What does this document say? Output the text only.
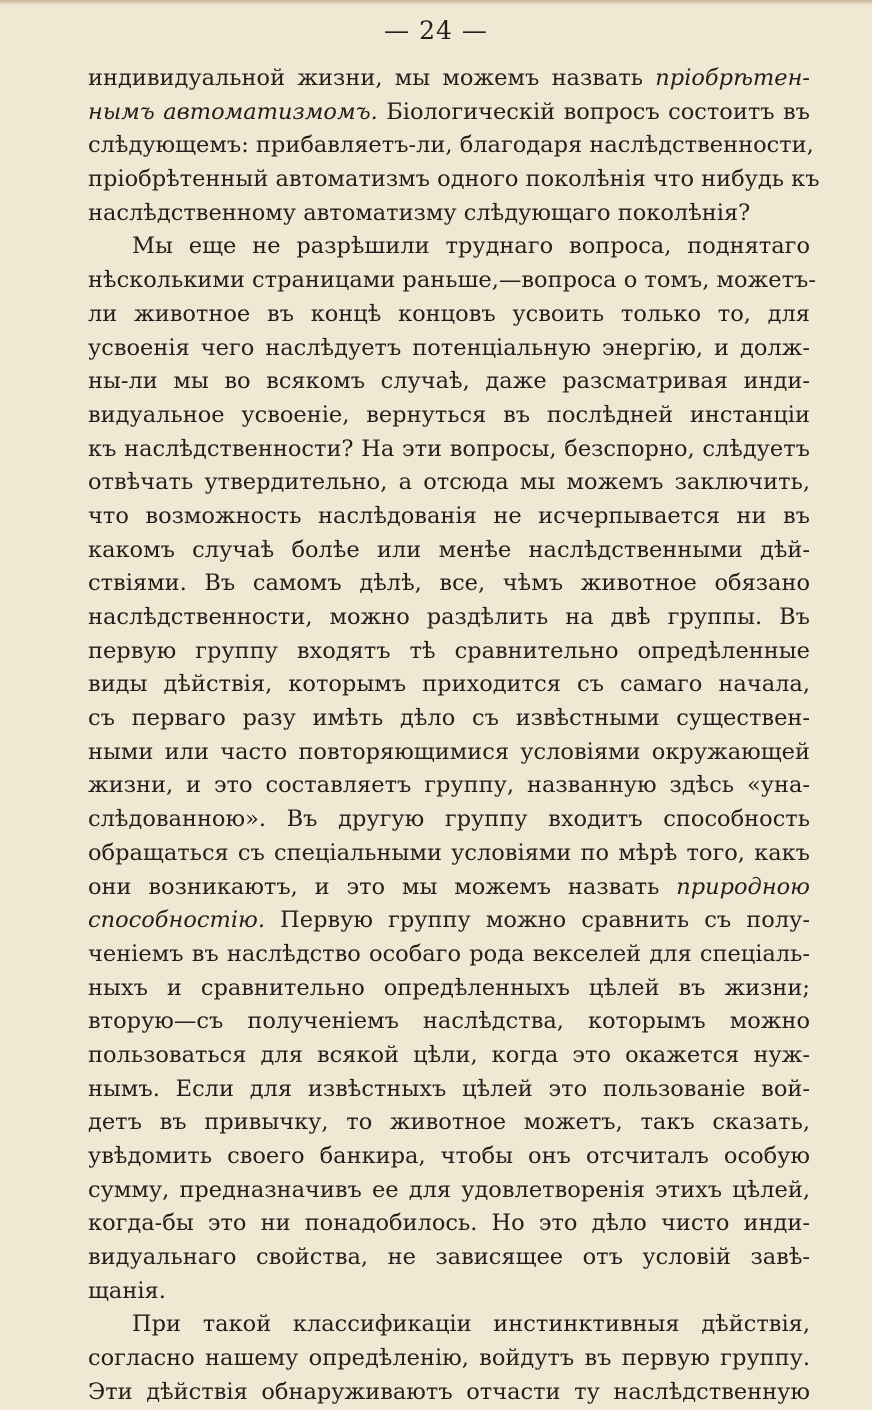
— 24 —
индивидуальной жизни, мы можемъ назвать пріобрѣтен-
нымъ автоматизмомъ. Біологическій вопросъ состоитъ въ
слѣдующемъ: прибавляетъ-ли, благодаря наслѣдственности,
пріобрѣтенный автоматизмъ одного поколѣнія что нибудь къ
наслѣдственному автоматизму слѣдующаго поколѣнія?
Мы еще не разрѣшили труднаго вопроса, поднятаго
нѣсколькими страницами раньше,—вопроса о томъ, можетъ-
ли животное въ концѣ концовъ усвоить только то, для
усвоенія чего наслѣдуетъ потенціальную энергію, и долж-
ны-ли мы во всякомъ случаѣ, даже разсматривая инди-
видуальное усвоеніе, вернуться въ послѣдней инстанціи
къ наслѣдственности? На эти вопросы, безспорно, слѣдуетъ
отвѣчать утвердительно, а отсюда мы можемъ заключить,
что возможность наслѣдованія не исчерпывается ни въ
какомъ случаѣ болѣе или менѣе наслѣдственными дѣй-
ствіями. Въ самомъ дѣлѣ, все, чѣмъ животное обязано
наслѣдственности, можно раздѣлить на двѣ группы. Въ
первую группу входятъ тѣ сравнительно опредѣленные
виды дѣйствія, которымъ приходится съ самаго начала,
съ перваго разу имѣть дѣло съ извѣстными существен-
ными или часто повторяющимися условіями окружающей
жизни, и это составляетъ группу, названную здѣсь «уна-
слѣдованною». Въ другую группу входитъ способность
обращаться съ спеціальными условіями по мѣрѣ того, какъ
они возникаютъ, и это мы можемъ назвать природною
способностію. Первую группу можно сравнить съ полу-
ченіемъ въ наслѣдство особаго рода векселей для спеціаль-
ныхъ и сравнительно опредѣленныхъ цѣлей въ жизни;
вторую—съ полученіемъ наслѣдства, которымъ можно
пользоваться для всякой цѣли, когда это окажется нуж-
нымъ. Если для извѣстныхъ цѣлей это пользованіе вой-
детъ въ привычку, то животное можетъ, такъ сказать,
увѣдомить своего банкира, чтобы онъ отсчиталъ особую
сумму, предназначивъ ее для удовлетворенія этихъ цѣлей,
когда-бы это ни понадобилось. Но это дѣло чисто инди-
видуальнаго свойства, не зависящее отъ условій завѣ-
щанія.
При такой классификаціи инстинктивныя дѣйствія,
согласно нашему опредѣленію, войдутъ въ первую группу.
Эти дѣйствія обнаруживаютъ отчасти ту наслѣдственную
